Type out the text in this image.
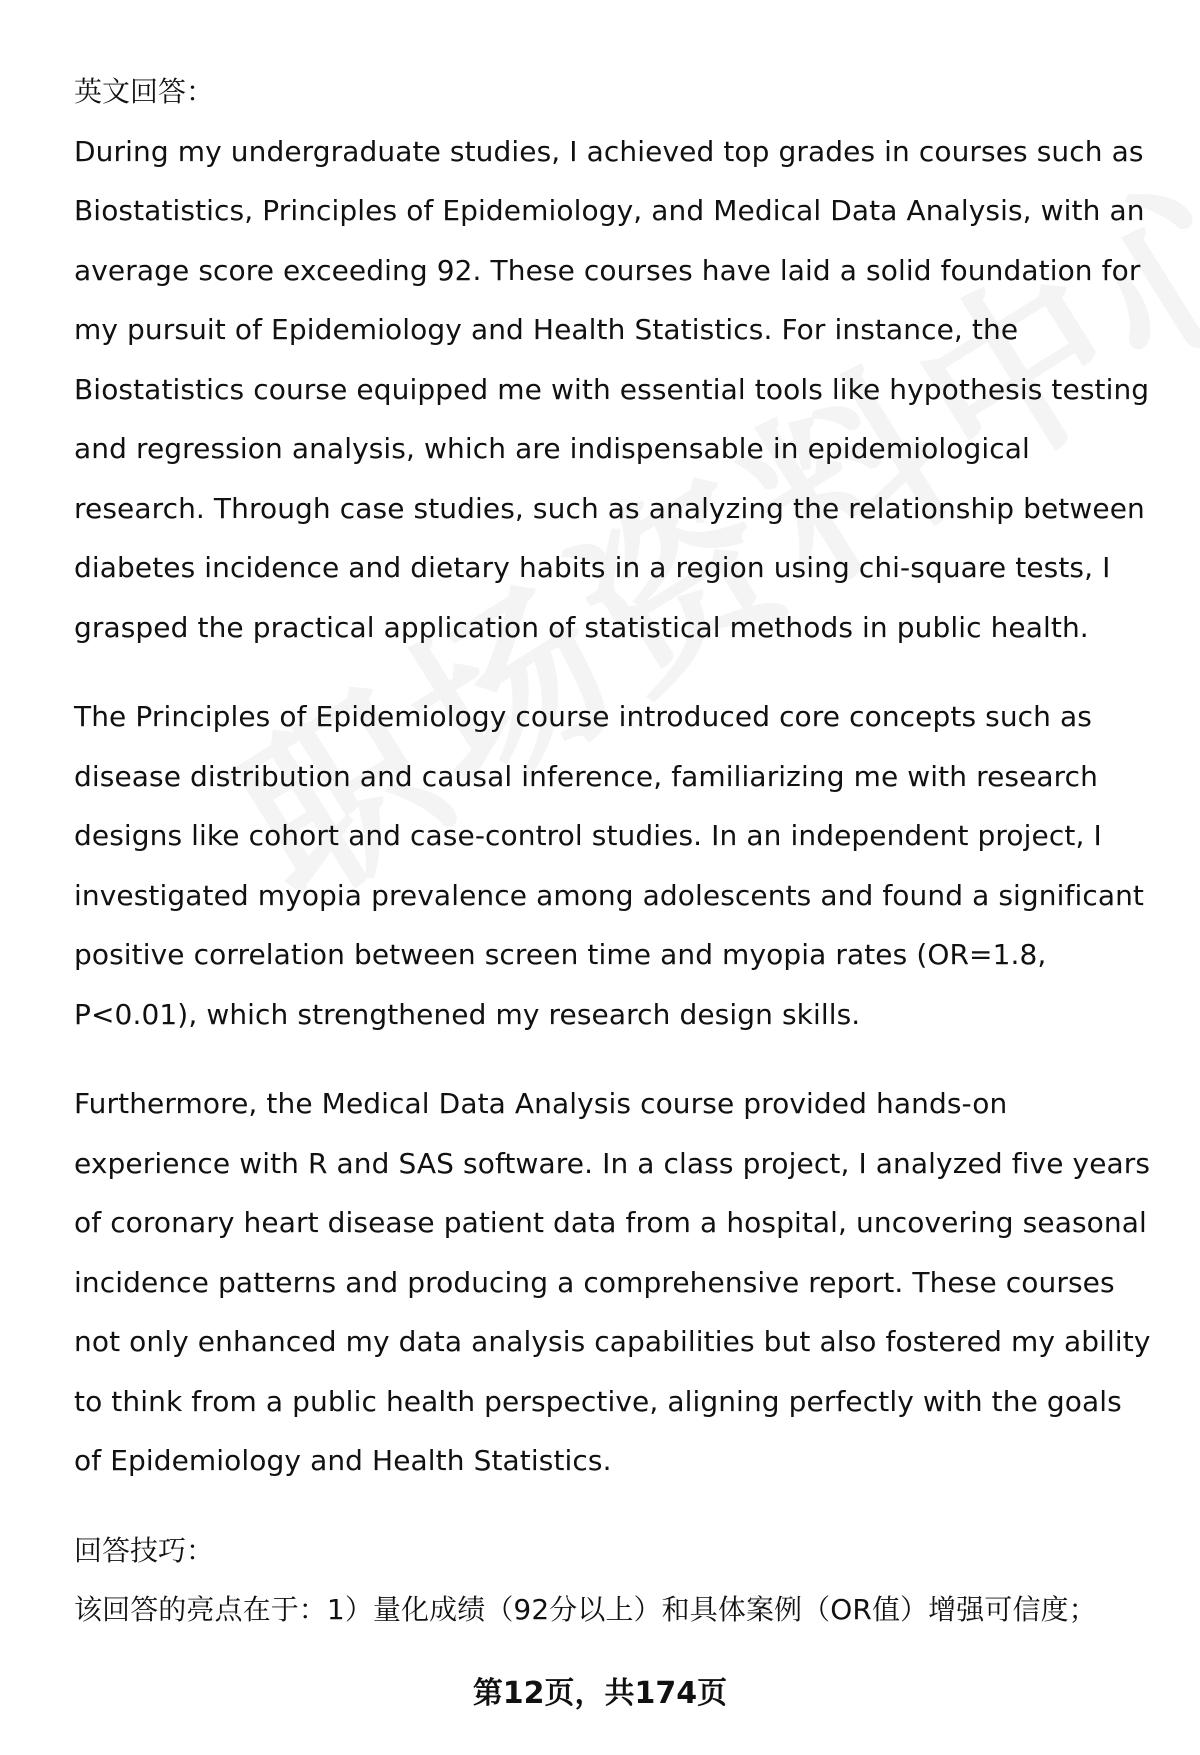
英文回答：
During my undergraduate studies, I achieved top grades in courses such as
Biostatistics, Principles of Epidemiology, and Medical Data Analysis, with an
average score exceeding 92. These courses have laid a solid foundation for
my pursuit of Epidemiology and Health Statistics. For instance, the
Biostatistics course equipped me with essential tools like hypothesis testing
and regression analysis, which are indispensable in epidemiological
research. Through case studies, such as analyzing the relationship between
diabetes incidence and dietary habits in a region using chi-square tests, I
grasped the practical application of statistical methods in public health.
The Principles of Epidemiology course introduced core concepts such as
disease distribution and causal inference, familiarizing me with research
designs like cohort and case-control studies. In an independent project, I
investigated myopia prevalence among adolescents and found a significant
positive correlation between screen time and myopia rates (OR=1.8,
P<0.01), which strengthened my research design skills.
Furthermore, the Medical Data Analysis course provided hands-on
experience with R and SAS software. In a class project, I analyzed five years
of coronary heart disease patient data from a hospital, uncovering seasonal
incidence patterns and producing a comprehensive report. These courses
not only enhanced my data analysis capabilities but also fostered my ability
to think from a public health perspective, aligning perfectly with the goals
of Epidemiology and Health Statistics.
回答技巧：
该回答的亮点在于：1）量化成绩（92分以上）和具体案例（OR值）增强可信度；
第12页，共174页
